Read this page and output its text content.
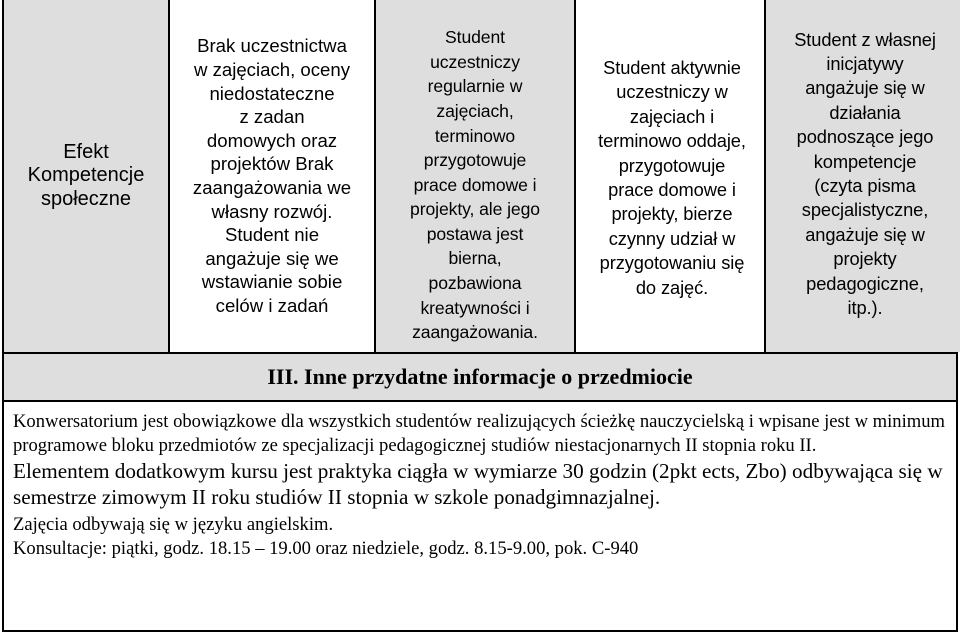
Efekt
Kompetencje
społeczne
Brak uczestnictwa
w zajęciach, oceny
niedostateczne
z zadan
domowych oraz
projektów Brak
zaangażowania we
własny rozwój.
Student nie
angażuje się we
wstawianie sobie
celów i zadań
Student
uczestniczy
regularnie w
zajęciach,
terminowo
przygotowuje
prace domowe i
projekty, ale jego
postawa jest
bierna,
pozbawiona
kreatywności i
zaangażowania.
Student aktywnie
uczestniczy w
zajęciach i
terminowo oddaje,
przygotowuje
prace domowe i
projekty, bierze
czynny udział w
przygotowaniu się
do zajęć.
Student z własnej
inicjatywy
angażuje się w
działania
podnoszące jego
kompetencje
(czyta pisma
specjalistyczne,
angażuje się w
projekty
pedagogiczne,
itp.).
III. Inne przydatne informacje o przedmiocie

Konwersatorium jest obowiązkowe dla wszystkich studentów realizujących ścieżkę nauczycielską i wpisane jest w minimum programowe bloku przedmiotów ze specjalizacji pedagogicznej studiów niestacjonarnych II stopnia roku II.

Elementem dodatkowym kursu jest praktyka ciągła w wymiarze 30 godzin (2pkt ects, Zbo) odbywająca się w semestrze zimowym II roku studiów II stopnia w szkole ponadgimnazjalnej.

Zajęcia odbywają się w języku angielskim.

Konsultacje: piątki, godz. 18.15 – 19.00 oraz niedziele, godz. 8.15-9.00, pok. C-940
